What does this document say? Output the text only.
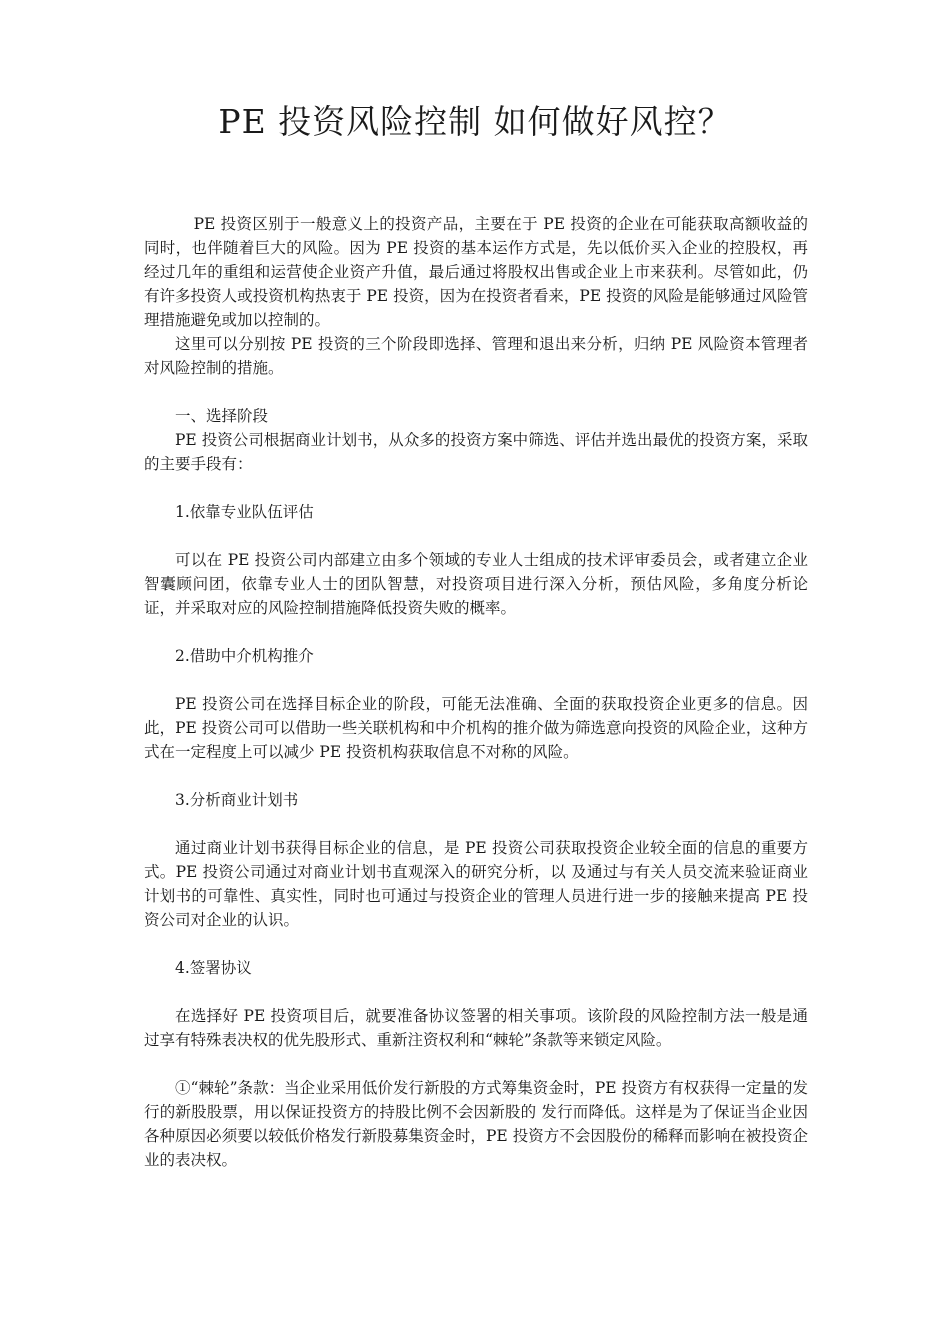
PE 投资风险控制 如何做好风控？

PE 投资区别于一般意义上的投资产品，主要在于 PE 投资的企业在可能获取高额收益的同时，也伴随着巨大的风险。因为 PE 投资的基本运作方式是，先以低价买入企业的控股权，再经过几年的重组和运营使企业资产升值，最后通过将股权出售或企业上市来获利。尽管如此，仍有许多投资人或投资机构热衷于 PE 投资，因为在投资者看来，PE 投资的风险是能够通过风险管理措施避免或加以控制的。

这里可以分别按 PE 投资的三个阶段即选择、管理和退出来分析，归纳 PE 风险资本管理者对风险控制的措施。

一、选择阶段

PE 投资公司根据商业计划书，从众多的投资方案中筛选、评估并选出最优的投资方案，采取的主要手段有：

1.依靠专业队伍评估

可以在 PE 投资公司内部建立由多个领域的专业人士组成的技术评审委员会，或者建立企业智囊顾问团，依靠专业人士的团队智慧，对投资项目进行深入分析，预估风险，多角度分析论证，并采取对应的风险控制措施降低投资失败的概率。

2.借助中介机构推介

PE 投资公司在选择目标企业的阶段，可能无法准确、全面的获取投资企业更多的信息。因此，PE 投资公司可以借助一些关联机构和中介机构的推介做为筛选意向投资的风险企业，这种方式在一定程度上可以减少 PE 投资机构获取信息不对称的风险。

3.分析商业计划书

通过商业计划书获得目标企业的信息，是 PE 投资公司获取投资企业较全面的信息的重要方式。PE 投资公司通过对商业计划书直观深入的研究分析，以 及通过与有关人员交流来验证商业计划书的可靠性、真实性，同时也可通过与投资企业的管理人员进行进一步的接触来提高 PE 投资公司对企业的认识。

4.签署协议

在选择好 PE 投资项目后，就要准备协议签署的相关事项。该阶段的风险控制方法一般是通过享有特殊表决权的优先股形式、重新注资权利和“棘轮”条款等来锁定风险。

①“棘轮”条款：当企业采用低价发行新股的方式筹集资金时，PE 投资方有权获得一定量的发行的新股股票，用以保证投资方的持股比例不会因新股的 发行而降低。这样是为了保证当企业因各种原因必须要以较低价格发行新股募集资金时，PE 投资方不会因股份的稀释而影响在被投资企业的表决权。
